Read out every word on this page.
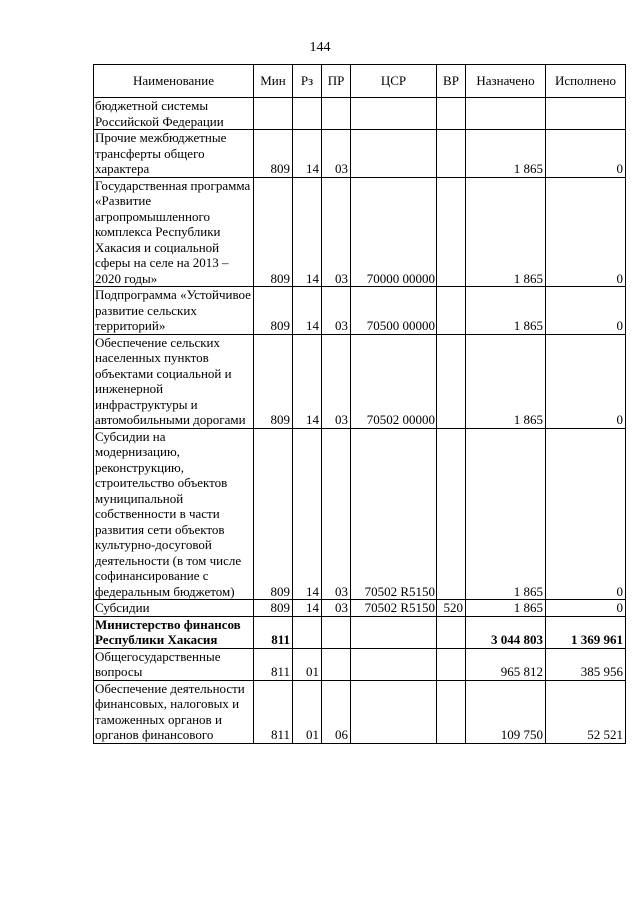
144
Наименование	Мин	Рз	ПР	ЦСР	ВР	Назначено	Исполнено
бюджетной системы Российской Федерации							
Прочие межбюджетные трансферты общего характера	809	14	03			1 865	0
Государственная программа «Развитие агропромышленного комплекса Республики Хакасия и социальной сферы на селе на 2013 – 2020 годы»	809	14	03	70000 00000		1 865	0
Подпрограмма «Устойчивое развитие сельских территорий»	809	14	03	70500 00000		1 865	0
Обеспечение сельских населенных пунктов объектами социальной и инженерной инфраструктуры и автомобильными дорогами	809	14	03	70502 00000		1 865	0
Субсидии на модернизацию, реконструкцию, строительство объектов муниципальной собственности в части развития сети объектов культурно-досуговой деятельности (в том числе софинансирование с федеральным бюджетом)	809	14	03	70502 R5150		1 865	0
Субсидии	809	14	03	70502 R5150	520	1 865	0
Министерство финансов Республики Хакасия	811					3 044 803	1 369 961
Общегосударственные вопросы	811	01				965 812	385 956

Обеспечение деятельности финансовых, налоговых и таможенных органов и органов финансового	811	01	06			109 750	52 521
